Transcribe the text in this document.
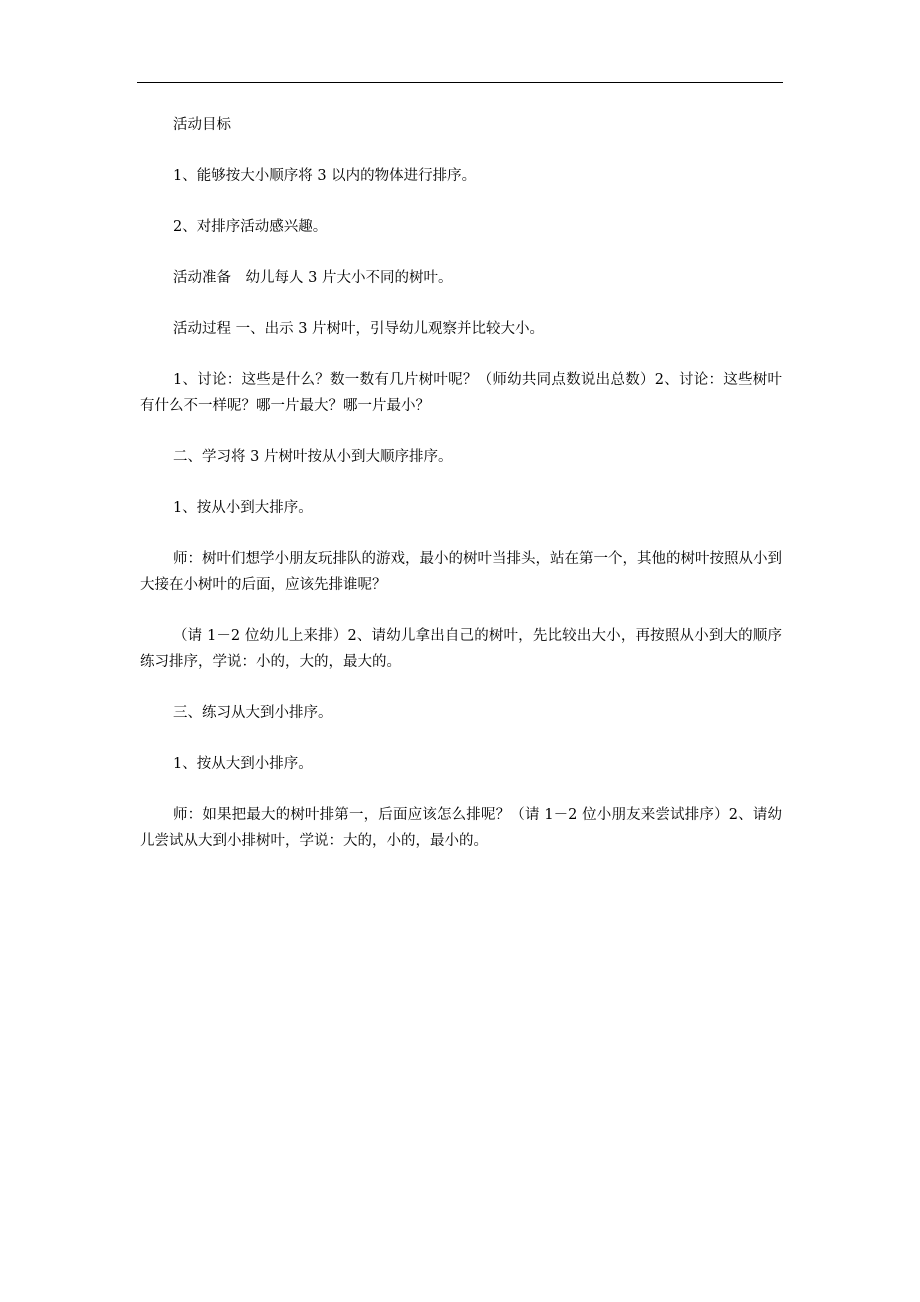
活动目标

1、能够按大小顺序将 3 以内的物体进行排序。

2、对排序活动感兴趣。

活动准备　幼儿每人 3 片大小不同的树叶。

活动过程 一、出示 3 片树叶，引导幼儿观察并比较大小。

1、讨论：这些是什么？数一数有几片树叶呢？（师幼共同点数说出总数）2、讨论：这些树叶有什么不一样呢？哪一片最大？哪一片最小？

二、学习将 3 片树叶按从小到大顺序排序。

1、按从小到大排序。

师：树叶们想学小朋友玩排队的游戏，最小的树叶当排头，站在第一个，其他的树叶按照从小到大接在小树叶的后面，应该先排谁呢？

（请 1－2 位幼儿上来排）2、请幼儿拿出自己的树叶，先比较出大小，再按照从小到大的顺序练习排序，学说：小的，大的，最大的。

三、练习从大到小排序。

1、按从大到小排序。

师：如果把最大的树叶排第一，后面应该怎么排呢？（请 1－2 位小朋友来尝试排序）2、请幼儿尝试从大到小排树叶，学说：大的，小的，最小的。
